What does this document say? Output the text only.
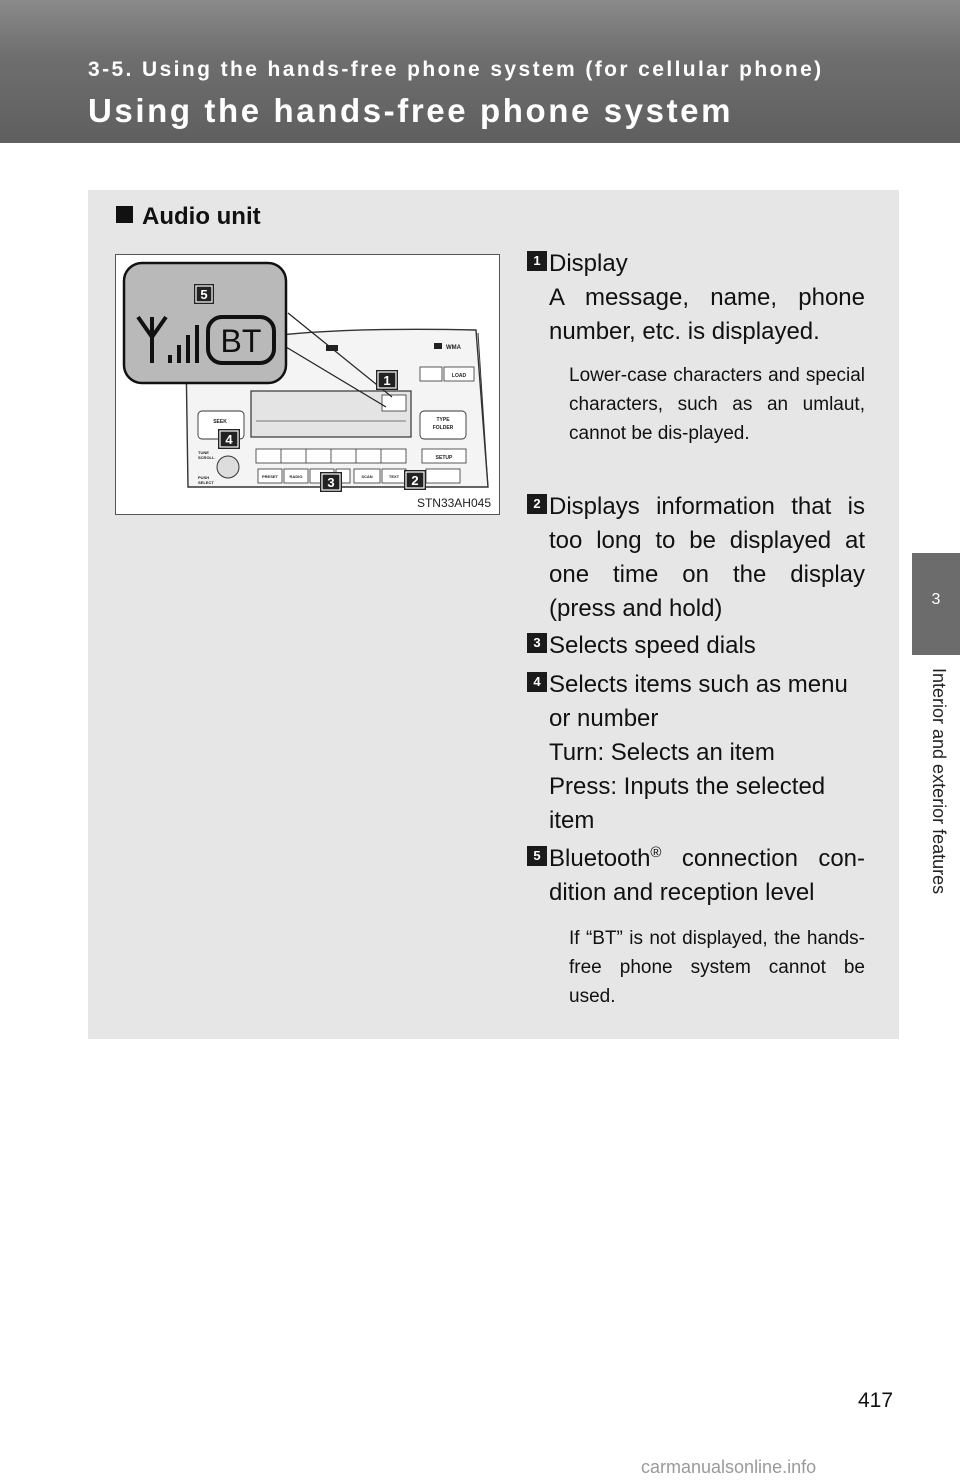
3-5. Using the hands-free phone system (for cellular phone)
Using the hands-free phone system
3
Interior and exterior features
Audio unit
WMA
LOAD
SEEK	TYPE
FOLDER
SETUP
TUNE
SCROLL
PUSH
SELECT
PRESET	RADIO	SCAN	TEXT
BT
5
1
4
3	2
STN33AH045
1 Display
A message, name, phone number, etc. is displayed.
Lower-case characters and special characters, such as an umlaut, cannot be dis-played.
2 Displays information that is too long to be displayed at one time on the display (press and hold)
3 Selects speed dials
4 Selects items such as menu or number
Turn: Selects an item
Press: Inputs the selected item
5 Bluetooth® connection con-dition and reception level
If “BT” is not displayed, the hands-free phone system cannot be used.
417
carmanualsonline.info
